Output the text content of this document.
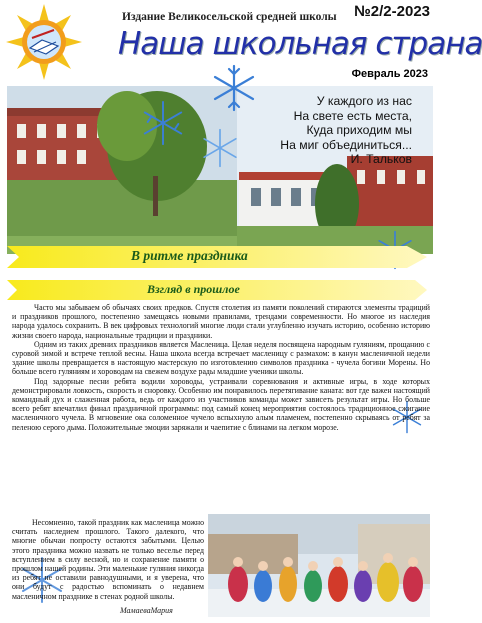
Издание Великосельской средней школы №2/2-2023
Наша школьная страна
Февраль 2023
У каждого из нас
На свете есть места,
Куда приходим мы
На миг объединиться...
И. Тальков
В ритме праздника
Взгляд в прошлое

Часто мы забываем об обычаях своих предков. Спустя столетия из памяти поколений стираются элементы традиций и праздников прошлого, постепенно замещаясь новыми правилами, трендами современности. Но многое из наследия народа удалось сохранить. В век цифровых технологий многие люди стали углубленно изучать историю, особенно историю жизни своего народа, национальные традиции и праздники.

Одним из таких древних праздников является Масленица. Целая неделя посвящена народным гуляниям, прощанию с суровой зимой и встрече теплой весны. Наша школа всегда встречает масленицу с размахом: в канун масленичной недели здание школы превращается в настоящую мастерскую по изготовлению символов праздника - чучела богини Морены. Но больше всего гуляниям и хороводам на свежем воздухе рады младшие ученики школы.

Под задорные песни ребята водили хороводы, устраивали соревнования и активные игры, в ходе которых демонстрировали ловкость, скорость и сноровку. Особенно им понравилось перетягивание каната: вот где важен настоящий командный дух и слаженная работа, ведь от каждого из участников команды может зависеть результат игры. Но больше всего ребят впечатлил финал праздничной программы: под самый конец мероприятия состоялось традиционное сжигание масленичного чучела. В мгновение ока соломенное чучело вспыхнуло алым пламенем, постепенно скрываясь от ребят за пеленою серого дыма. Положительные эмоции заряжали и чаепитие с блинами на легком морозе.

Несомненно, такой праздник как масленица можно считать наследием прошлого. Такого далекого, что многие обычаи попросту остаются забытыми. Целью этого праздника можно назвать не только веселье перед вступлением в силу весной, но и сохранение памяти о прошлом нашей родины. Эти маленькие гуляния никогда из ребят не оставили равнодушными, и я уверена, что они будут с радостью вспоминать о недавнем масленичном празднике в стенах родной школы.

МамаеваМария
